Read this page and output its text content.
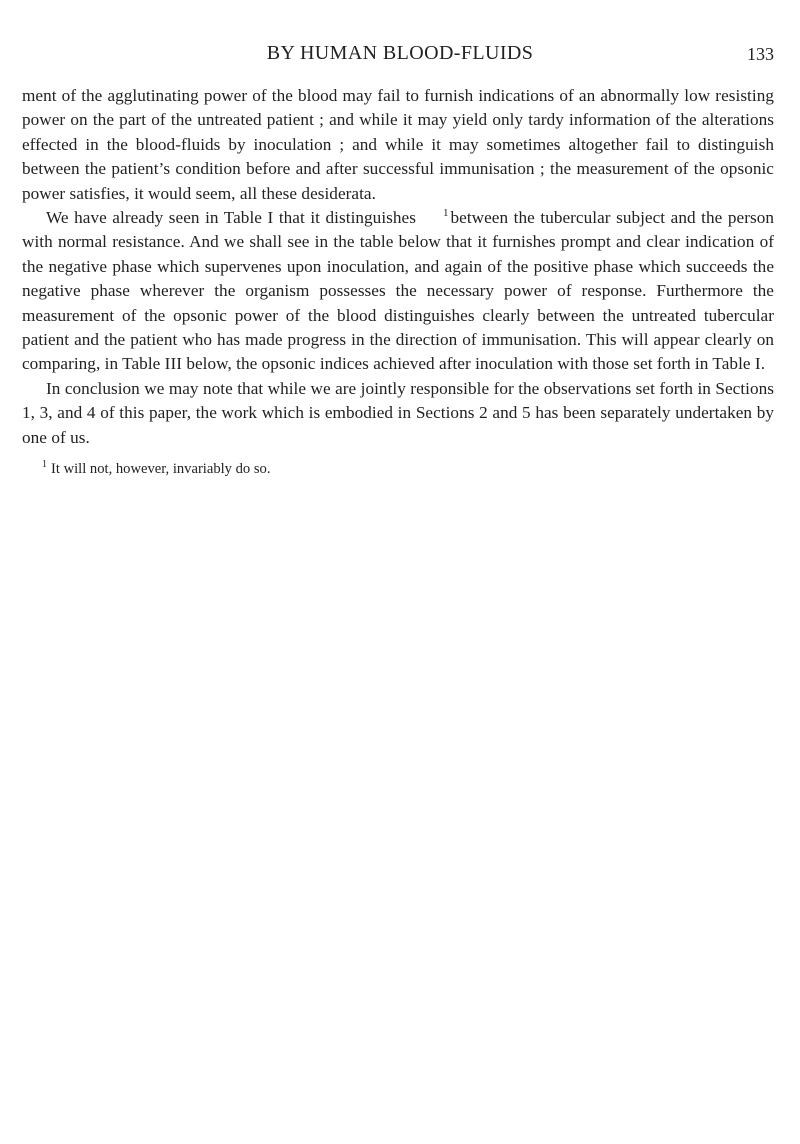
BY HUMAN BLOOD-FLUIDS	133

ment of the agglutinating power of the blood may fail to furnish indications of an abnormally low resisting power on the part of the untreated patient ; and while it may yield only tardy information of the alterations effected in the blood-fluids by inoculation ; and while it may sometimes altogether fail to distinguish between the patient’s condition before and after successful immunisation ; the measurement of the opsonic power satisfies, it would seem, all these desiderata.

We have already seen in Table I that it distinguishes 1 between the tubercular subject and the person with normal resistance. And we shall see in the table below that it furnishes prompt and clear indication of the negative phase which supervenes upon inoculation, and again of the positive phase which succeeds the negative phase wherever the organism possesses the necessary power of response. Furthermore the measurement of the opsonic power of the blood distinguishes clearly between the untreated tubercular patient and the patient who has made progress in the direction of immunisation. This will appear clearly on comparing, in Table III below, the opsonic indices achieved after inoculation with those set forth in Table I.

In conclusion we may note that while we are jointly responsible for the observations set forth in Sections 1, 3, and 4 of this paper, the work which is embodied in Sections 2 and 5 has been separately undertaken by one of us.

1 It will not, however, invariably do so.
